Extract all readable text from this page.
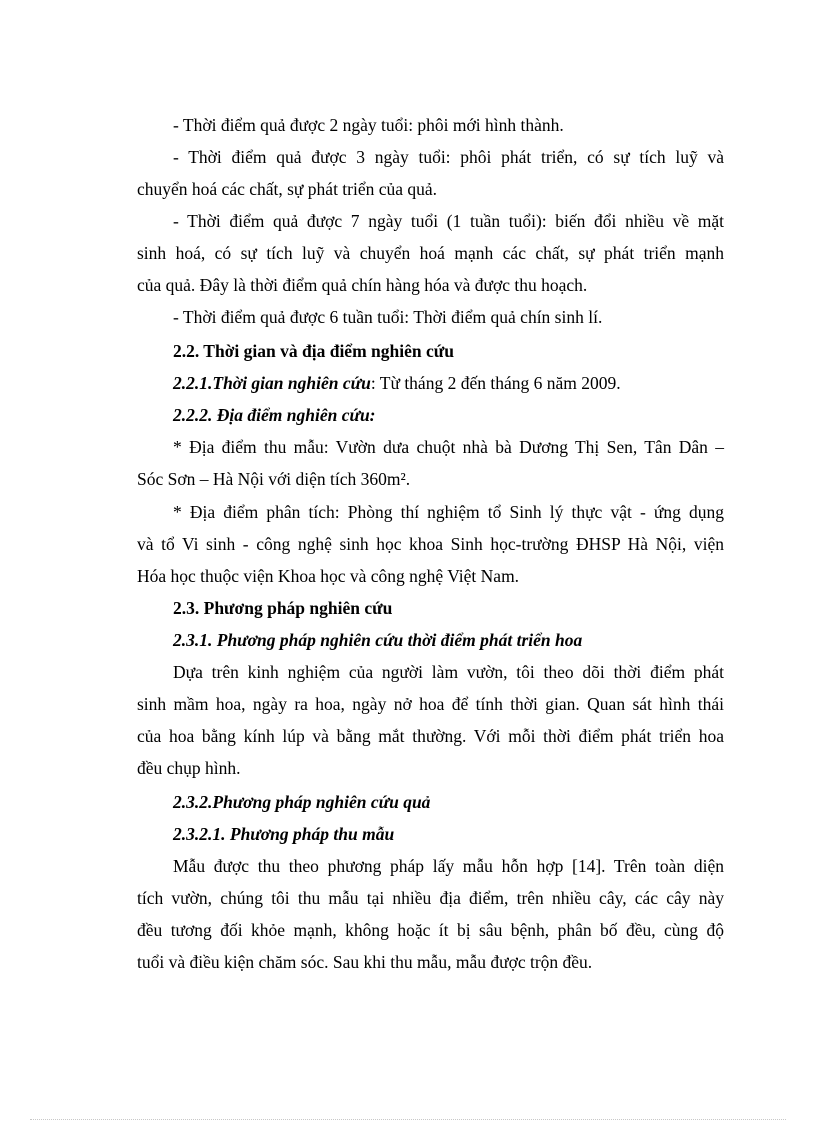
- Thời điểm quả được 2 ngày tuổi: phôi mới hình thành.
- Thời điểm quả được 3 ngày tuổi: phôi phát triển, có sự tích luỹ và
chuyển hoá các chất, sự phát triển của quả.
- Thời điểm quả được 7 ngày tuổi (1 tuần tuổi): biến đổi nhiều về mặt
sinh hoá, có sự tích luỹ và chuyển hoá mạnh các chất, sự phát triển mạnh
của quả. Đây là thời điểm quả chín hàng hóa và được thu hoạch.
- Thời điểm quả được 6 tuần tuổi: Thời điểm quả chín sinh lí.
2.2. Thời gian và địa điểm nghiên cứu
2.2.1.Thời gian nghiên cứu: Từ tháng 2 đến tháng 6 năm 2009.
2.2.2. Địa điểm nghiên cứu:
* Địa điểm thu mẫu: Vườn dưa chuột nhà bà Dương Thị Sen, Tân Dân –
Sóc Sơn – Hà Nội với diện tích 360m².
* Địa điểm phân tích: Phòng thí nghiệm tổ Sinh lý thực vật - ứng dụng
và tổ Vi sinh - công nghệ sinh học khoa Sinh học-trường ĐHSP Hà Nội, viện
Hóa học thuộc viện Khoa học và công nghệ Việt Nam.
2.3. Phương pháp nghiên cứu
2.3.1. Phương pháp nghiên cứu thời điểm phát triển hoa
Dựa trên kinh nghiệm của người làm vườn, tôi theo dõi thời điểm phát
sinh mầm hoa, ngày ra hoa, ngày nở hoa để tính thời gian. Quan sát hình thái
của hoa bằng kính lúp và bằng mắt thường. Với mỗi thời điểm phát triển hoa
đều chụp hình.
2.3.2.Phương pháp nghiên cứu quả
2.3.2.1. Phương pháp thu mẫu
Mẫu được thu theo phương pháp lấy mẫu hỗn hợp [14]. Trên toàn diện
tích vườn, chúng tôi thu mẫu tại nhiều địa điểm, trên nhiều cây, các cây này
đều tương đối khỏe mạnh, không hoặc ít bị sâu bệnh, phân bố đều, cùng độ
tuổi và điều kiện chăm sóc. Sau khi thu mẫu, mẫu được trộn đều.
